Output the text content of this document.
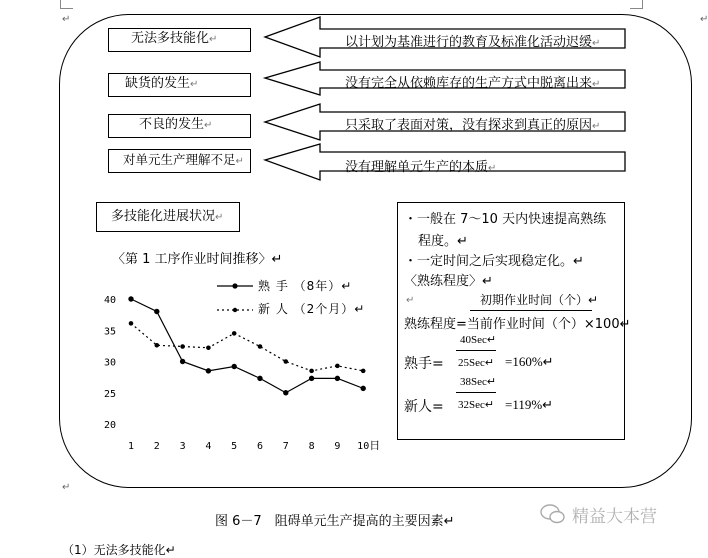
↵
↵
↵
无法多技能化↵
缺货的发生↵
不良的发生↵
对单元生产理解不足↵
以计划为基准进行的教育及标准化活动迟缓↵
没有完全从依赖库存的生产方式中脱离出来↵
只采取了表面对策，没有探求到真正的原因↵
没有理解单元生产的本质↵
多技能化进展状况↵
〈第 1 工序作业时间推移〉↵
熟 手 （8年）↵
新 人 （2个月）↵
40
35
30
25
20
1 2 3 4 5 6 7 8 9 10 日
・一般在 7～10 天内快速提高熟练
程度。↵
・一定时间之后实现稳定化。↵
〈熟练程度〉↵
↵	初期作业时间（个）↵
熟练程度=当前作业时间（个）×100↵
40Sec↵
熟手= 25Sec↵ =160%↵
38Sec↵
新人= 32Sec↵ =119%↵
图 6－7　阻碍单元生产提高的主要因素↵	精益大本营
（1）无法多技能化↵
